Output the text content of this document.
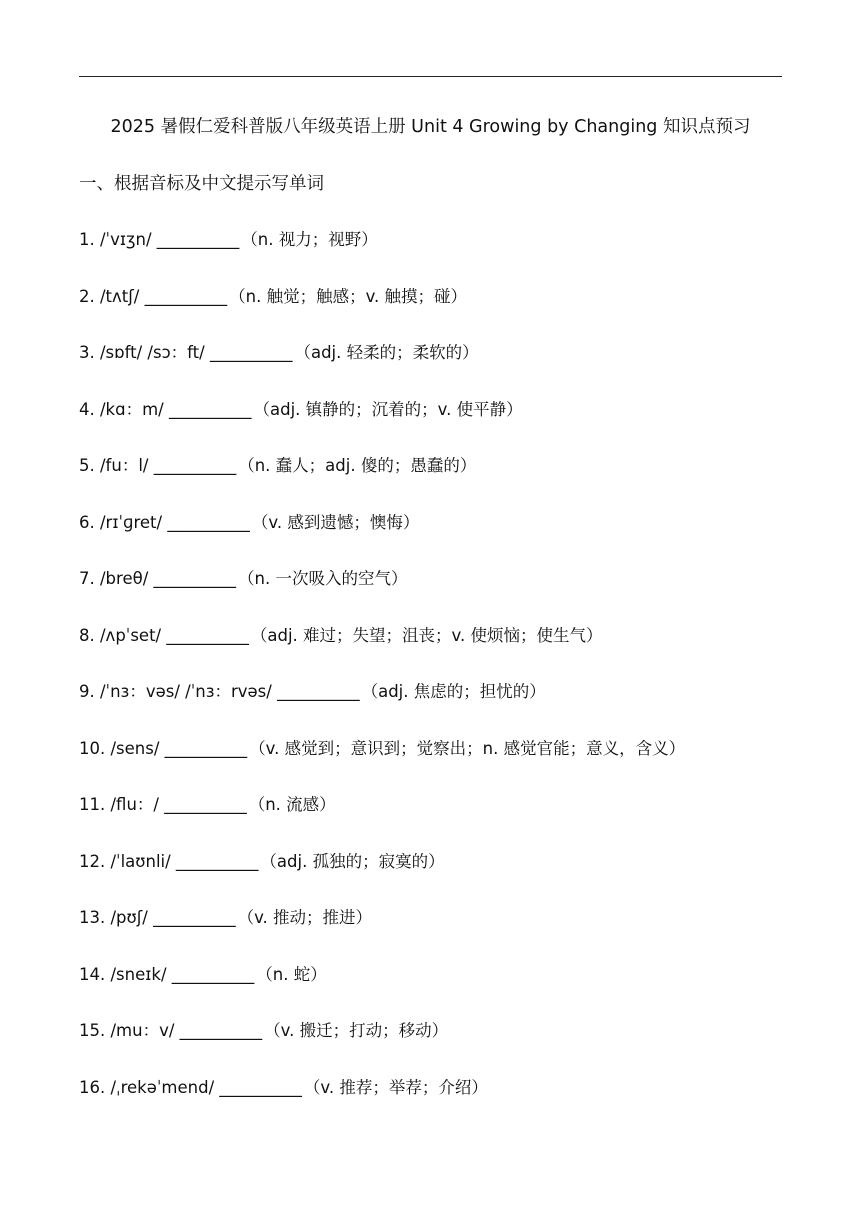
2025 暑假仁爱科普版八年级英语上册 Unit 4 Growing by Changing 知识点预习
一、根据音标及中文提示写单词
1. /ˈvɪʒn/ __________ （n. 视力；视野）
2. /tʌtʃ/ __________ （n. 触觉；触感；v. 触摸；碰）
3. /sɒft/ /sɔ：ft/ __________ （adj. 轻柔的；柔软的）
4. /kɑ：m/ __________ （adj. 镇静的；沉着的；v. 使平静）
5. /fu：l/ __________ （n. 蠢人；adj. 傻的；愚蠢的）
6. /rɪˈɡret/ __________ （v. 感到遗憾；懊悔）
7. /breθ/ __________ （n. 一次吸入的空气）
8. /ʌpˈset/ __________ （adj. 难过；失望；沮丧；v. 使烦恼；使生气）
9. /ˈnɜ：vəs/ /ˈnɜ：rvəs/ __________ （adj. 焦虑的；担忧的）
10. /sens/ __________ （v. 感觉到；意识到；觉察出；n. 感觉官能；意义，含义）
11. /flu：/ __________ （n. 流感）
12. /ˈlaʊnli/ __________ （adj. 孤独的；寂寞的）
13. /pʊʃ/ __________ （v. 推动；推进）
14. /sneɪk/ __________ （n. 蛇）
15. /mu：v/ __________ （v. 搬迁；打动；移动）
16. /ˌrekəˈmend/ __________ （v. 推荐；举荐；介绍）
